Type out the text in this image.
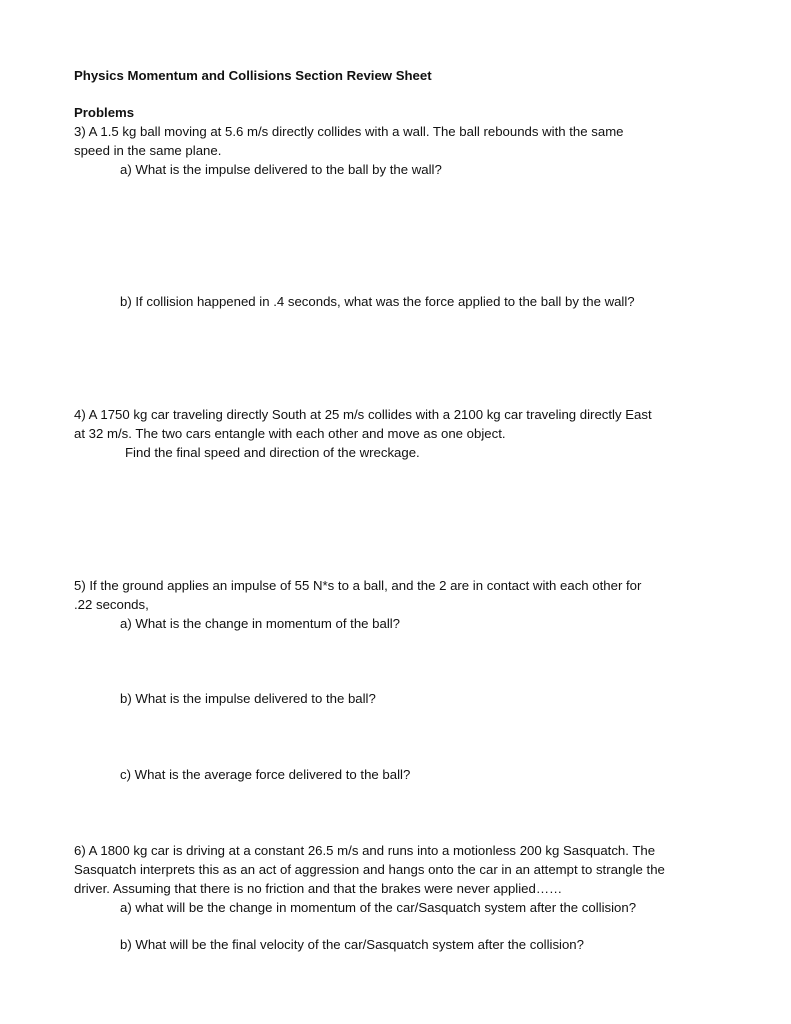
Physics Momentum and Collisions Section Review Sheet
Problems
3) A 1.5 kg ball moving at 5.6 m/s directly collides with a wall. The ball rebounds with the same
speed in the same plane.
a) What is the impulse delivered to the ball by the wall?
b) If collision happened in .4 seconds, what was the force applied to the ball by the wall?
4) A 1750 kg car traveling directly South at 25 m/s collides with a 2100 kg car traveling directly East
at 32 m/s. The two cars entangle with each other and move as one object.
Find the final speed and direction of the wreckage.
5) If the ground applies an impulse of 55 N*s to a ball, and the 2 are in contact with each other for
.22 seconds,
a) What is the change in momentum of the ball?
b) What is the impulse delivered to the ball?
c) What is the average force delivered to the ball?
6) A 1800 kg car is driving at a constant 26.5 m/s and runs into a motionless 200 kg Sasquatch. The
Sasquatch interprets this as an act of aggression and hangs onto the car in an attempt to strangle the
driver. Assuming that there is no friction and that the brakes were never applied……
a) what will be the change in momentum of the car/Sasquatch system after the collision?
b) What will be the final velocity of the car/Sasquatch system after the collision?
